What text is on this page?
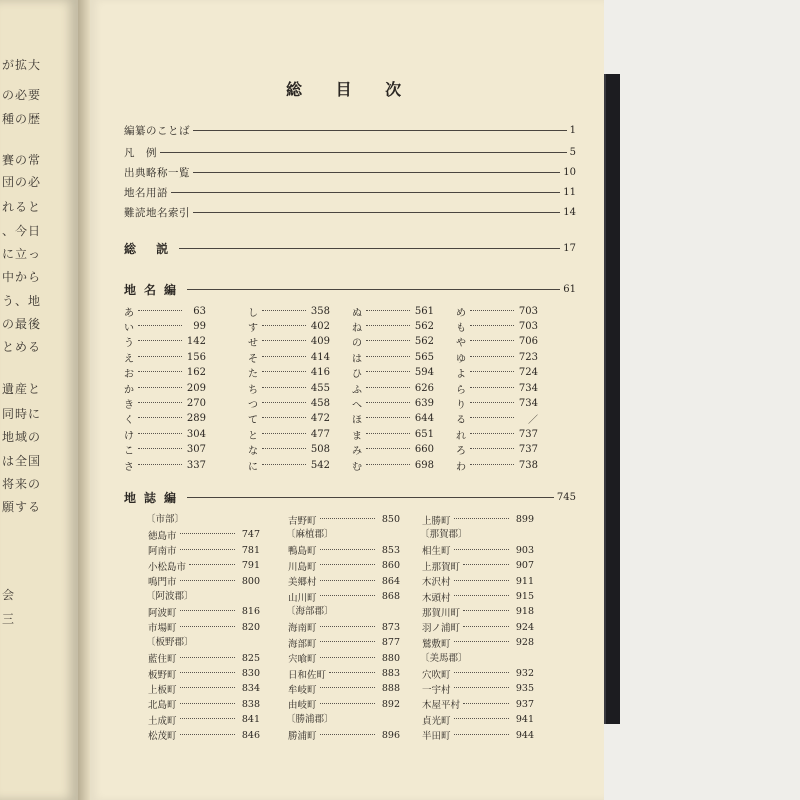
が拡大
の必要
種の歴
賽の常
団の必
れると
、今日
に立っ
中から
う、地
の最後
とめる
遺産と
同時に
地域の
は全国
将来の
願する
会
三
総 目 次
編纂のことば	1
凡　例	5
出典略称一覧	10
地名用語	11
難読地名索引	14
総 説	17
地名編	61
あ	63
い	99
う	142
え	156
お	162
か	209
き	270
く	289
け	304
こ	307
さ	337
し	358
す	402
せ	409
そ	414
た	416
ち	455
つ	458
て	472
と	477
な	508
に	542
ぬ	561
ね	562
の	562
は	565
ひ	594
ふ	626
へ	639
ほ	644
ま	651
み	660
む	698
め	703
も	703
や	706
ゆ	723
よ	724
ら	734
り	734
る	／
れ	737
ろ	737
わ	738
地誌編	745
〔市部〕
徳島市	747
阿南市	781
小松島市	791
鳴門市	800
〔阿波郡〕
阿波町	816
市場町	820
〔板野郡〕
藍住町	825
板野町	830
上板町	834
北島町	838
土成町	841
松茂町	846
吉野町	850
〔麻植郡〕
鴨島町	853
川島町	860
美郷村	864
山川町	868
〔海部郡〕
海南町	873
海部町	877
宍喰町	880
日和佐町	883
牟岐町	888
由岐町	892
〔勝浦郡〕
勝浦町	896
上勝町	899
〔那賀郡〕
相生町	903
上那賀町	907
木沢村	911
木頭村	915
那賀川町	918
羽ノ浦町	924
鷲敷町	928
〔美馬郡〕
穴吹町	932
一宇村	935
木屋平村	937
貞光町	941
半田町	944
